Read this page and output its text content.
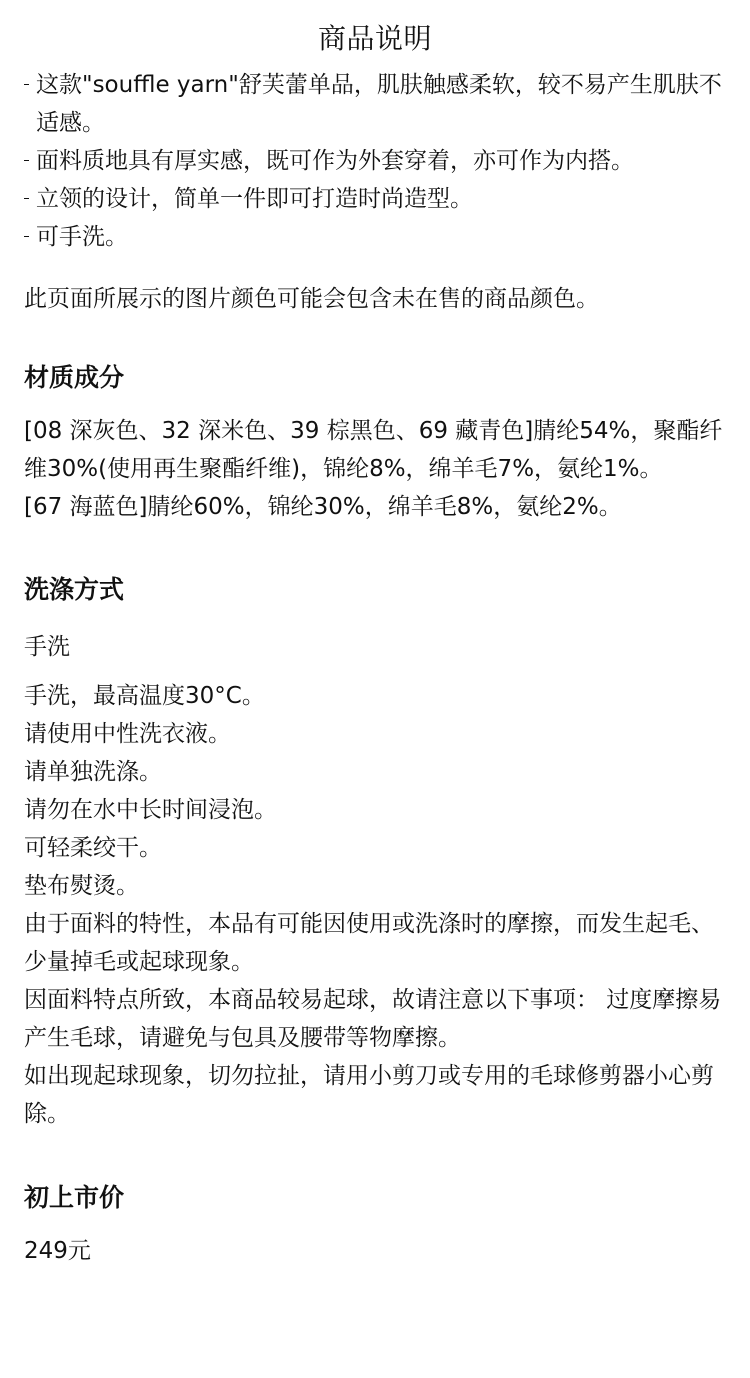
商品说明
这款"souffle yarn"舒芙蕾单品，肌肤触感柔软，较不易产生肌肤不适感。
面料质地具有厚实感，既可作为外套穿着，亦可作为内搭。
立领的设计，简单一件即可打造时尚造型。
可手洗。

此页面所展示的图片颜色可能会包含未在售的商品颜色。

材质成分

[08 深灰色、32 深米色、39 棕黑色、69 藏青色]腈纶54%，聚酯纤维30%(使用再生聚酯纤维)，锦纶8%，绵羊毛7%，氨纶1%。

[67 海蓝色]腈纶60%，锦纶30%，绵羊毛8%，氨纶2%。

洗涤方式

手洗

手洗，最高温度30°C。

请使用中性洗衣液。

请单独洗涤。

请勿在水中长时间浸泡。

可轻柔绞干。

垫布熨烫。

由于面料的特性，本品有可能因使用或洗涤时的摩擦，而发生起毛、少量掉毛或起球现象。

因面料特点所致，本商品较易起球，故请注意以下事项： 过度摩擦易产生毛球，请避免与包具及腰带等物摩擦。

如出现起球现象，切勿拉扯，请用小剪刀或专用的毛球修剪器小心剪除。

初上市价

249元
